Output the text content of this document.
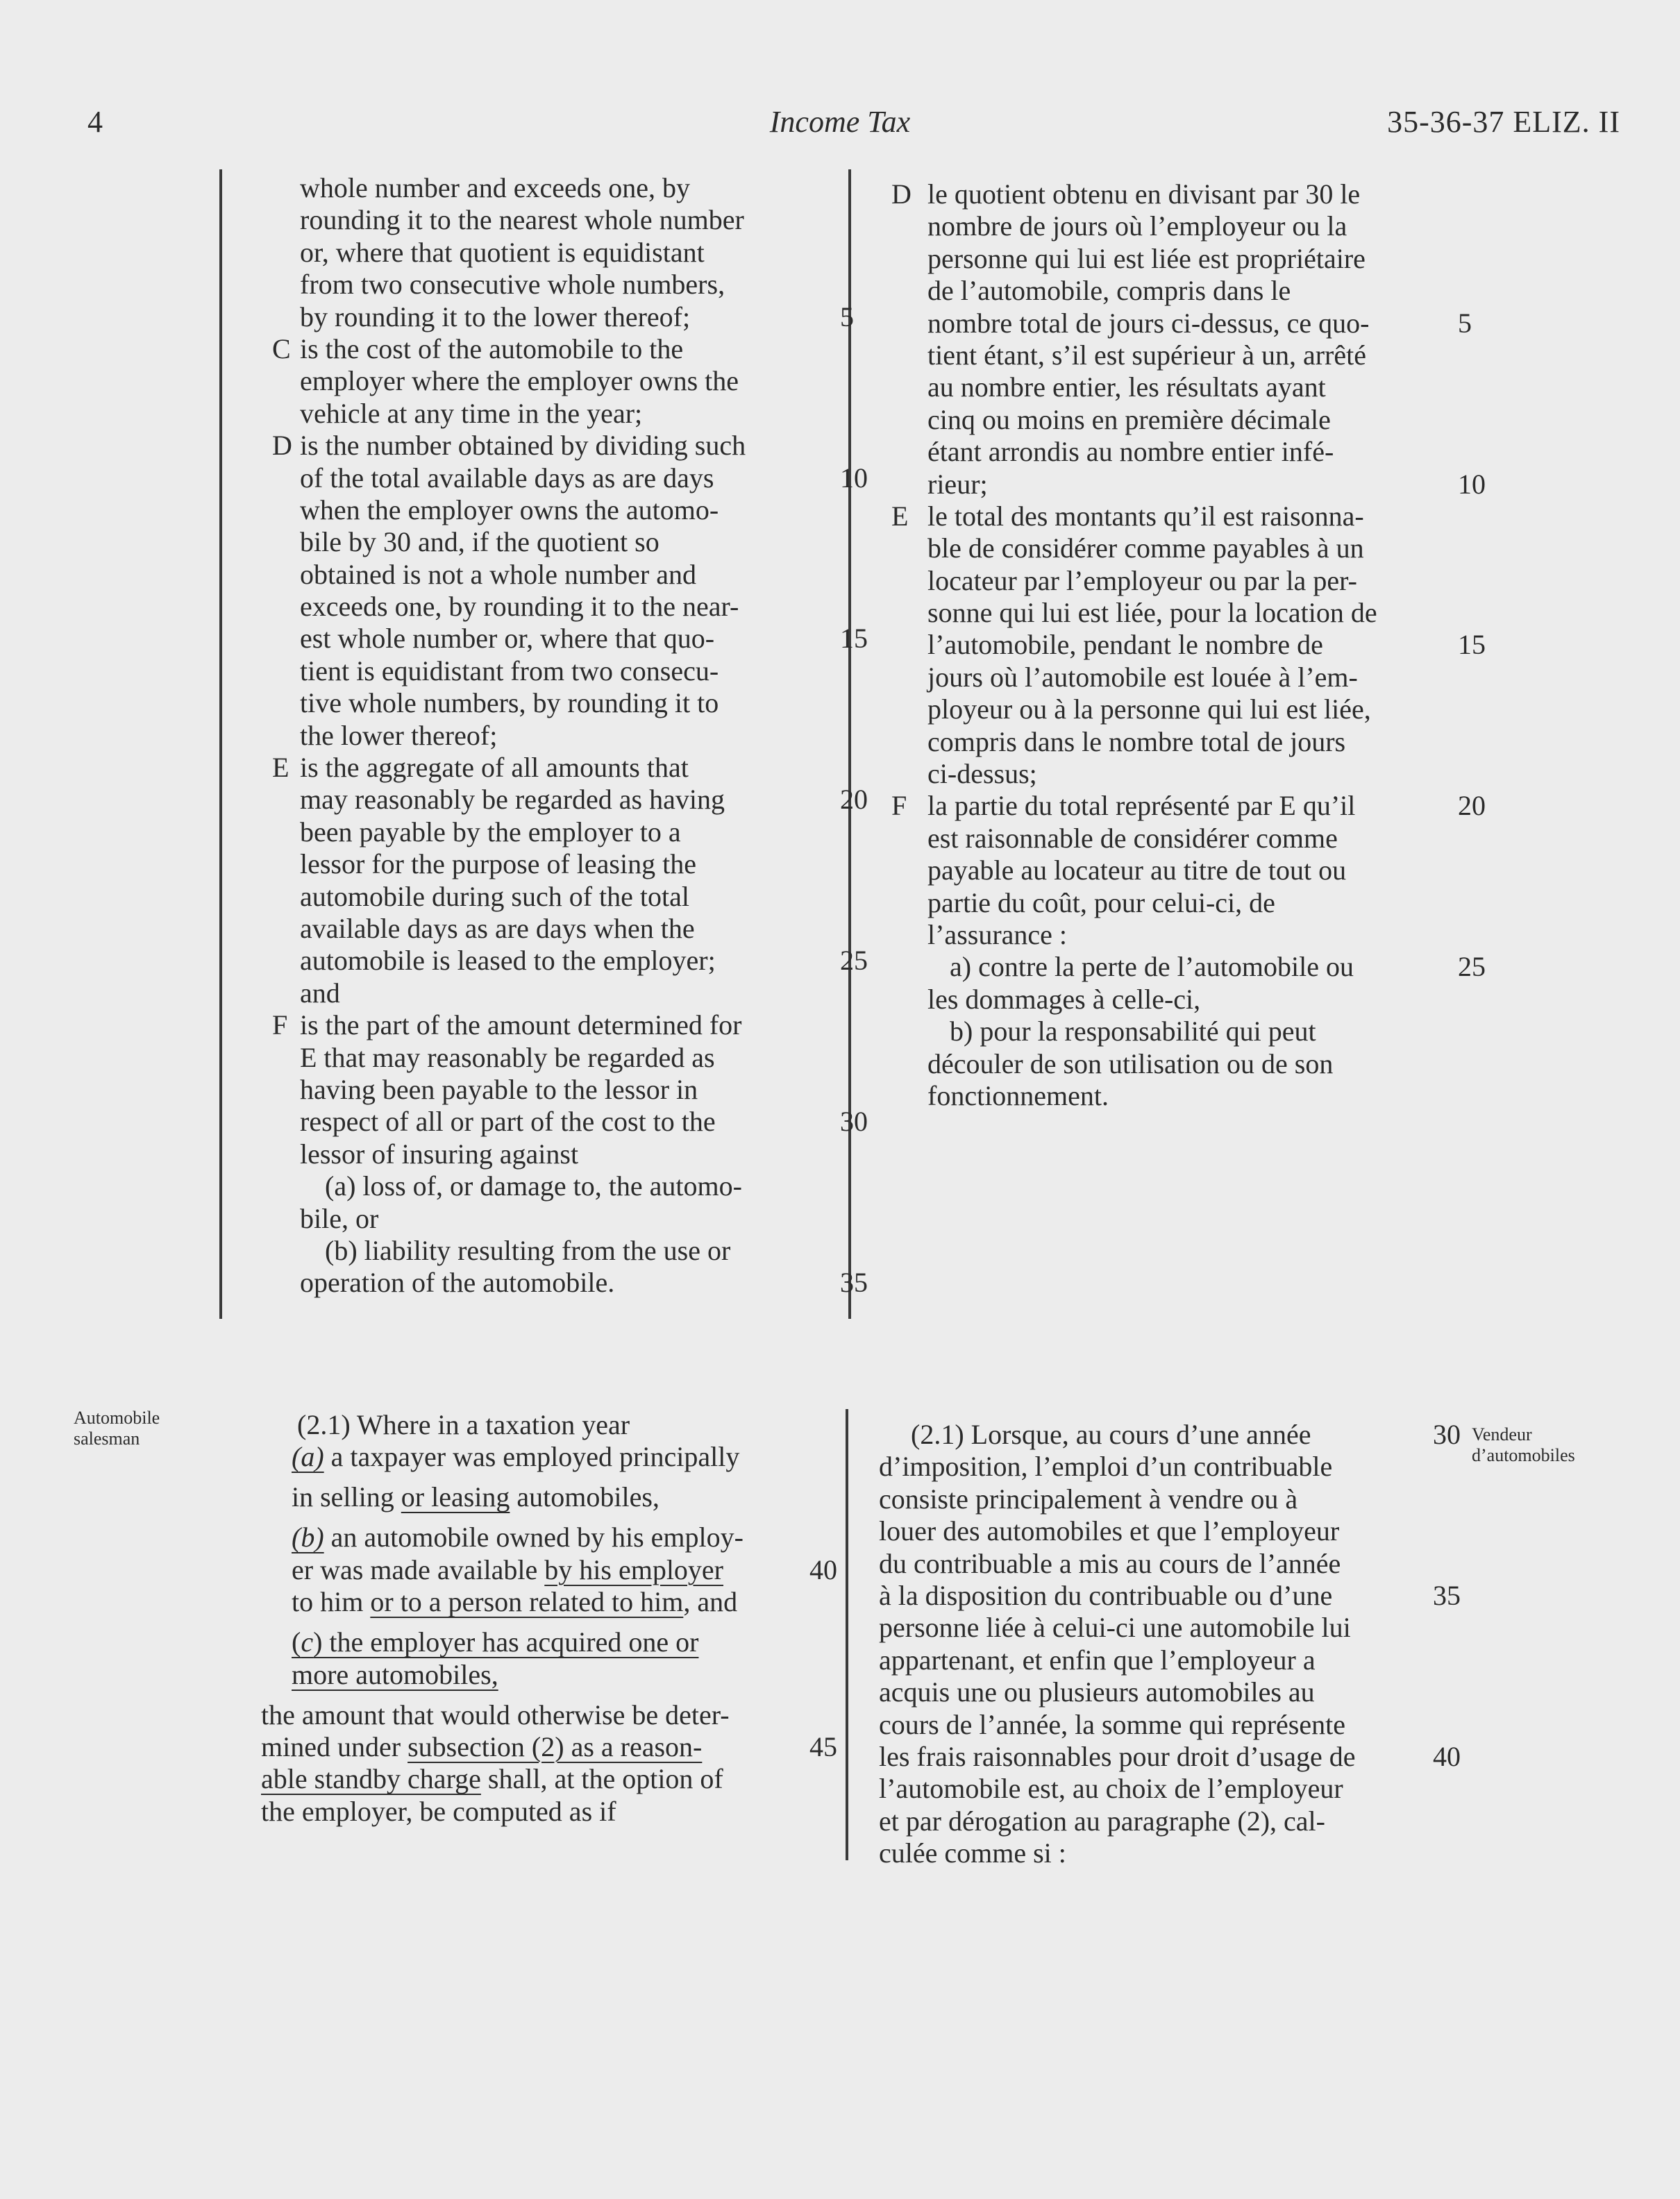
4	Income Tax	35-36-37 ELIZ. II
whole number and exceeds one, by
rounding it to the nearest whole number
or, where that quotient is equidistant
from two consecutive whole numbers,
by rounding it to the lower thereof;	5
C is the cost of the automobile to the
employer where the employer owns the
vehicle at any time in the year;
D is the number obtained by dividing such
of the total available days as are days	10
when the employer owns the automo-
bile by 30 and, if the quotient so
obtained is not a whole number and
exceeds one, by rounding it to the near-
est whole number or, where that quo-	15
tient is equidistant from two consecu-
tive whole numbers, by rounding it to
the lower thereof;
E is the aggregate of all amounts that
may reasonably be regarded as having	20
been payable by the employer to a
lessor for the purpose of leasing the
automobile during such of the total
available days as are days when the
automobile is leased to the employer;	25
and
F is the part of the amount determined for
E that may reasonably be regarded as
having been payable to the lessor in
respect of all or part of the cost to the	30
lessor of insuring against
(a) loss of, or damage to, the automo-
bile, or
(b) liability resulting from the use or
operation of the automobile.	35
D le quotient obtenu en divisant par 30 le
nombre de jours où l’employeur ou la
personne qui lui est liée est propriétaire
de l’automobile, compris dans le
nombre total de jours ci-dessus, ce quo-	5
tient étant, s’il est supérieur à un, arrêté
au nombre entier, les résultats ayant
cinq ou moins en première décimale
étant arrondis au nombre entier infé-
rieur;	10
E le total des montants qu’il est raisonna-
ble de considérer comme payables à un
locateur par l’employeur ou par la per-
sonne qui lui est liée, pour la location de
l’automobile, pendant le nombre de	15
jours où l’automobile est louée à l’em-
ployeur ou à la personne qui lui est liée,
compris dans le nombre total de jours
ci-dessus;
F la partie du total représenté par E qu’il	20
est raisonnable de considérer comme
payable au locateur au titre de tout ou
partie du coût, pour celui-ci, de
l’assurance :
a) contre la perte de l’automobile ou	25
les dommages à celle-ci,
b) pour la responsabilité qui peut
découler de son utilisation ou de son
fonctionnement.
Automobile salesman	Vendeur d’automobiles
(2.1) Where in a taxation year
(a) a taxpayer was employed principally
in selling or leasing automobiles,
(b) an automobile owned by his employ-
er was made available by his employer	40
to him or to a person related to him, and
(c) the employer has acquired one or
more automobiles,
the amount that would otherwise be deter-
mined under subsection (2) as a reason-	45
able standby charge shall, at the option of
the employer, be computed as if
(2.1) Lorsque, au cours d’une année	30
d’imposition, l’emploi d’un contribuable
consiste principalement à vendre ou à
louer des automobiles et que l’employeur
du contribuable a mis au cours de l’année
à la disposition du contribuable ou d’une	35
personne liée à celui-ci une automobile lui
appartenant, et enfin que l’employeur a
acquis une ou plusieurs automobiles au
cours de l’année, la somme qui représente
les frais raisonnables pour droit d’usage de	40
l’automobile est, au choix de l’employeur
et par dérogation au paragraphe (2), cal-
culée comme si :
